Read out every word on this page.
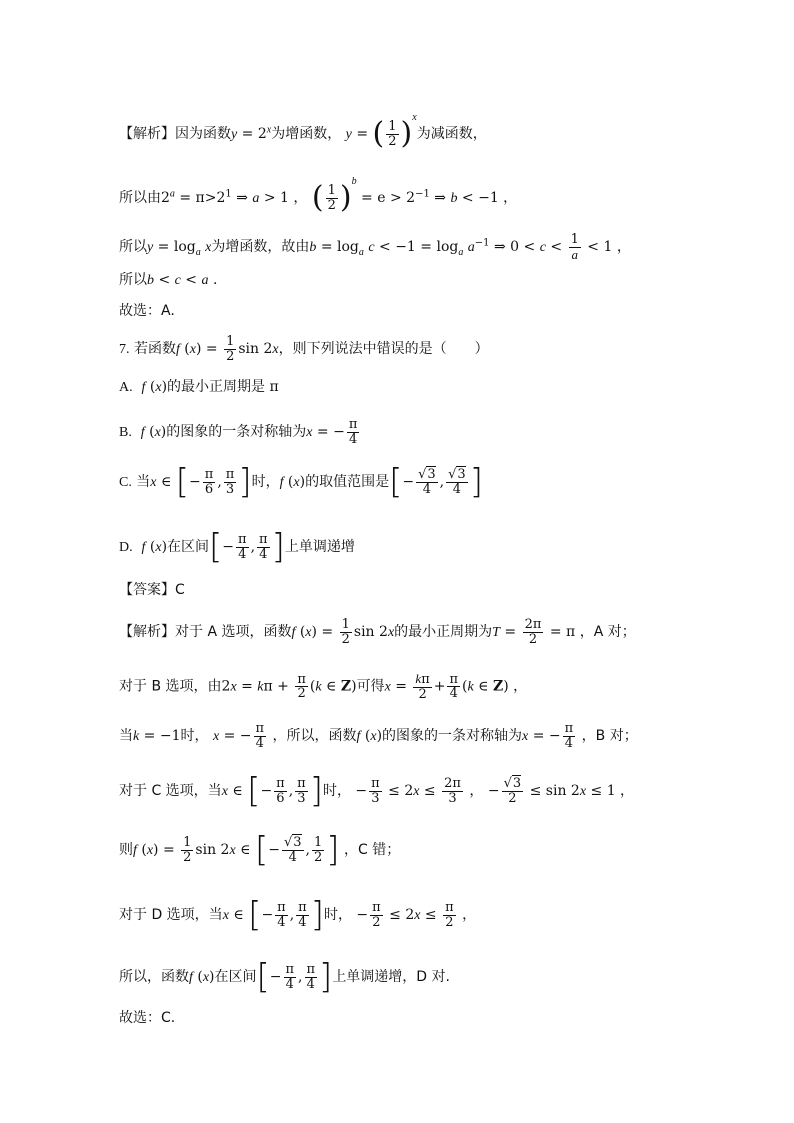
【解析】因为函数$y = 2^x$为增函数， y = ( $\frac{1}{2} )^x$为减函数，
所以由$2^a = \pi>2^1$ ⇒ a > 1 ， ( $\frac{1}{2} )^b = e > 2^{-1}$ ⇒ b < −1 ，
所以$y = \log_a x$为增函数，故由$b = \log_a c < -1 = \log_a a^{-1}$ ⇒ $0 < c < \frac{1}{a} < 1$ ，
所以b < c < a .
故选：A.
7. 若函数f $(x) = \frac{1}{2}$ sin 2x，则下列说法中错误的是（　　）
A. f (x)的最小正周期是 π
B. f (x)的图象的一条对称轴为x = − $\frac{\pi}{4}$
C. 当x ∈ [− $\frac{\pi}{6}$ , $\frac{\pi}{3}$ ]时，f (x)的取值范围是[− $\frac{√3}{4}$ , $\frac{√3}{4}$ ]
D. f (x)在区间[− $\frac{\pi}{4}$ , $\frac{\pi}{4}$ ]上单调递增
【答案】C
【解析】对于 A 选项，函数f $(x) = \frac{1}{2}$ sin 2x的最小正周期为$T = \frac{2\pi}{2} = \pi$ ，A 对；
对于 B 选项，由$2x = k\pi + \frac{\pi}{2} (k$ ∈ Z)可得$x = \frac{k\pi}{2} + \frac{\pi}{4} (k$ ∈ Z) ，
当k = −1时， x = − $\frac{\pi}{4}$ ，所以，函数f (x)的图象的一条对称轴为x = − $\frac{\pi}{4}$ ，B 对；
对于 C 选项，当x ∈ [− $\frac{\pi}{6}$ , $\frac{\pi}{3}$ ]时， − $\frac{\pi}{3} \le 2x \le \frac{2\pi}{3}$ ， − $\frac{√3}{2} \le \sin 2x \le 1$ ，
则f $(x) = \frac{1}{2}$ sin 2x ∈ [− $\frac{√3}{4}$ , $\frac{1}{2}$ ] ，C 错；
对于 D 选项，当x ∈ [− $\frac{\pi}{4}$ , $\frac{\pi}{4}$ ]时， − $\frac{\pi}{2} \le 2x \le \frac{\pi}{2}$ ，
所以，函数f (x)在区间[− $\frac{\pi}{4}$ , $\frac{\pi}{4}$ ]上单调递增，D 对.
故选：C.
